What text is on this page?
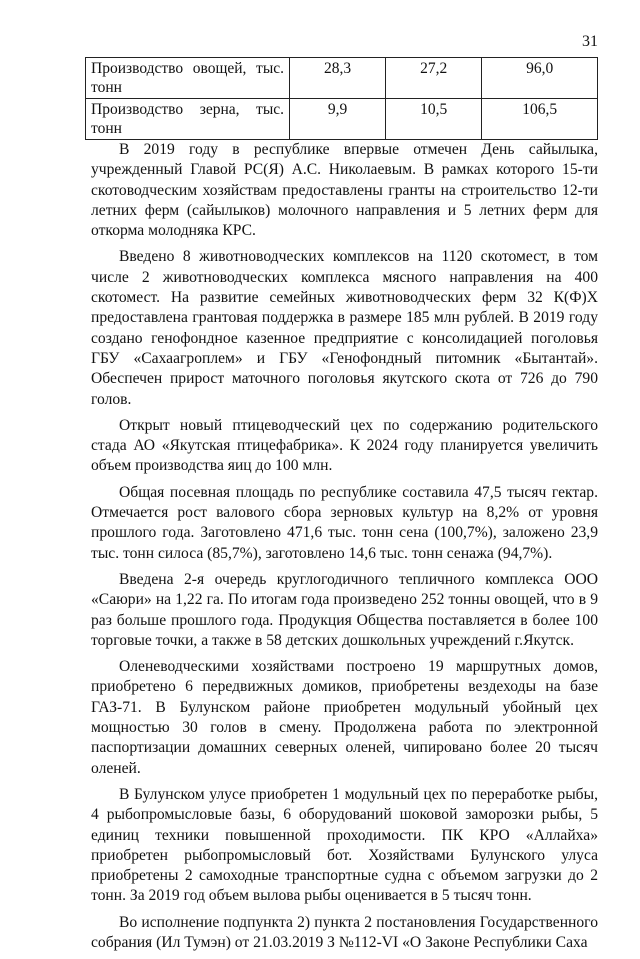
31
Производство овощей, тыс. тонн	28,3	27,2	96,0
Производство зерна, тыс. тонн	9,9	10,5	106,5

В 2019 году в республике впервые отмечен День сайылыка, учрежденный Главой РС(Я) А.С. Николаевым. В рамках которого 15-ти скотоводческим хозяйствам предоставлены гранты на строительство 12-ти летних ферм (сайылыков) молочного направления и 5 летних ферм для откорма молодняка КРС.

Введено 8 животноводческих комплексов на 1120 скотомест, в том числе 2 животноводческих комплекса мясного направления на 400 скотомест. На развитие семейных животноводческих ферм 32 К(Ф)Х предоставлена грантовая поддержка в размере 185 млн рублей. В 2019 году создано генофондное казенное предприятие с консолидацией поголовья ГБУ «Сахаагроплем» и ГБУ «Генофондный питомник «Бытантай». Обеспечен прирост маточного поголовья якутского скота от 726 до 790 голов.

Открыт новый птицеводческий цех по содержанию родительского стада АО «Якутская птицефабрика». К 2024 году планируется увеличить объем производства яиц до 100 млн.

Общая посевная площадь по республике составила 47,5 тысяч гектар. Отмечается рост валового сбора зерновых культур на 8,2% от уровня прошлого года. Заготовлено 471,6 тыс. тонн сена (100,7%), заложено 23,9 тыс. тонн силоса (85,7%), заготовлено 14,6 тыс. тонн сенажа (94,7%).

Введена 2-я очередь круглогодичного тепличного комплекса ООО «Саюри» на 1,22 га. По итогам года произведено 252 тонны овощей, что в 9 раз больше прошлого года. Продукция Общества поставляется в более 100 торговые точки, а также в 58 детских дошкольных учреждений г.Якутск.

Оленеводческими хозяйствами построено 19 маршрутных домов, приобретено 6 передвижных домиков, приобретены вездеходы на базе ГАЗ-71. В Булунском районе приобретен модульный убойный цех мощностью 30 голов в смену. Продолжена работа по электронной паспортизации домашних северных оленей, чипировано более 20 тысяч оленей.

В Булунском улусе приобретен 1 модульный цех по переработке рыбы, 4 рыбопромысловые базы, 6 оборудований шоковой заморозки рыбы, 5 единиц техники повышенной проходимости. ПК КРО «Аллайха» приобретен рыбопромысловый бот. Хозяйствами Булунского улуса приобретены 2 самоходные транспортные судна с объемом загрузки до 2 тонн. За 2019 год объем вылова рыбы оценивается в 5 тысяч тонн.

Во исполнение подпункта 2) пункта 2 постановления Государственного собрания (Ил Тумэн) от 21.03.2019 З №112-VI «О Законе Республики Саха
